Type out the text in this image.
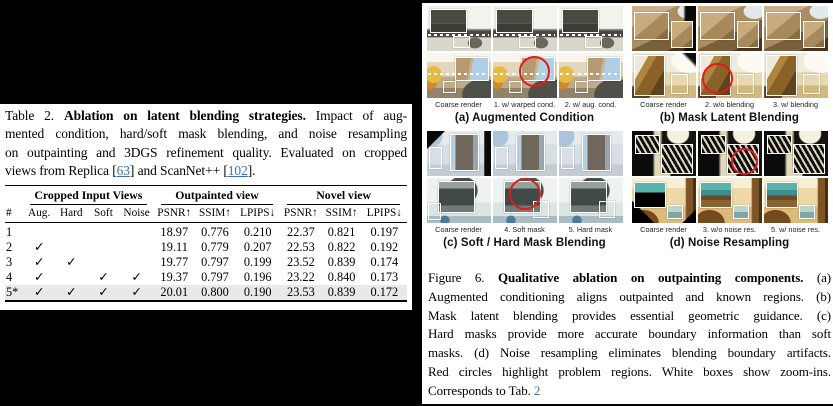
Table 2. Ablation on latent blending strategies. Impact of aug-
mented condition, hard/soft mask blending, and noise resampling
on outpainting and 3DGS refinement quality. Evaluated on cropped
views from Replica [63] and ScanNet++ [102].

	Cropped Input Views				Outpainted view			Novel view		

#	Aug.	Hard	Soft	Noise	PSNR↑	SSIM↑	LPIPS↓	PSNR↑	SSIM↑	LPIPS↓
1					18.97	0.776	0.210	22.37	0.821	0.197
2	✓				19.11	0.779	0.207	22.53	0.822	0.192
3	✓	✓			19.77	0.797	0.199	23.52	0.839	0.174
4	✓		✓	✓	19.37	0.797	0.196	23.22	0.840	0.173
5*	✓	✓	✓	✓	20.01	0.800	0.190	23.53	0.839	0.172
Coarse render	1. w/ warped cond.	2. w/ aug. cond.
(a) Augmented Condition
Coarse render	2. w/o blending	3. w/ blending
(b) Mask Latent Blending
Coarse render	4. Soft mask	5. Hard mask
(c) Soft / Hard Mask Blending
Coarse render	3. w/o noise res.	5. w/ noise res.
(d) Noise Resampling
Figure 6. Qualitative ablation on outpainting components. (a)
Augmented conditioning aligns outpainted and known regions. (b)
Mask latent blending provides essential geometric guidance. (c)
Hard masks provide more accurate boundary information than soft
masks. (d) Noise resampling eliminates blending boundary artifacts.
Red circles highlight problem regions. White boxes show zoom-ins.
Corresponds to Tab. 2
